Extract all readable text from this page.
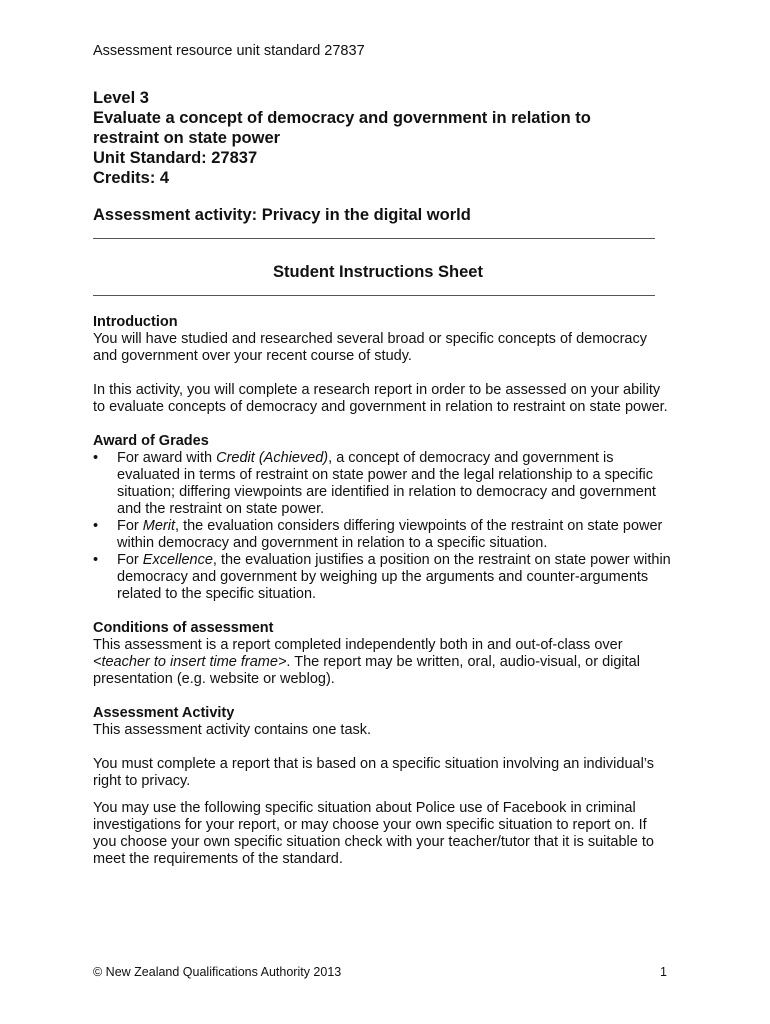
Assessment resource unit standard 27837
Level 3
Evaluate a concept of democracy and government in relation to
restraint on state power
Unit Standard: 27837
Credits: 4
Assessment activity: Privacy in the digital world
Student Instructions Sheet
Introduction

You will have studied and researched several broad or specific concepts of democracy and government over your recent course of study.

In this activity, you will complete a research report in order to be assessed on your ability to evaluate concepts of democracy and government in relation to restraint on state power.

Award of Grades
•	For award with Credit (Achieved), a concept of democracy and government is evaluated in terms of restraint on state power and the legal relationship to a specific situation; differing viewpoints are identified in relation to democracy and government and the restraint on state power.
•	For Merit, the evaluation considers differing viewpoints of the restraint on state power within democracy and government in relation to a specific situation.
•	For Excellence, the evaluation justifies a position on the restraint on state power within democracy and government by weighing up the arguments and counter-arguments related to the specific situation.
Conditions of assessment

This assessment is a report completed independently both in and out-of-class over <teacher to insert time frame>. The report may be written, oral, audio-visual, or digital presentation (e.g. website or weblog).

Assessment Activity

This assessment activity contains one task.

You must complete a report that is based on a specific situation involving an individual’s right to privacy.

You may use the following specific situation about Police use of Facebook in criminal investigations for your report, or may choose your own specific situation to report on. If you choose your own specific situation check with your teacher/tutor that it is suitable to meet the requirements of the standard.

© New Zealand Qualifications Authority 2013	1
